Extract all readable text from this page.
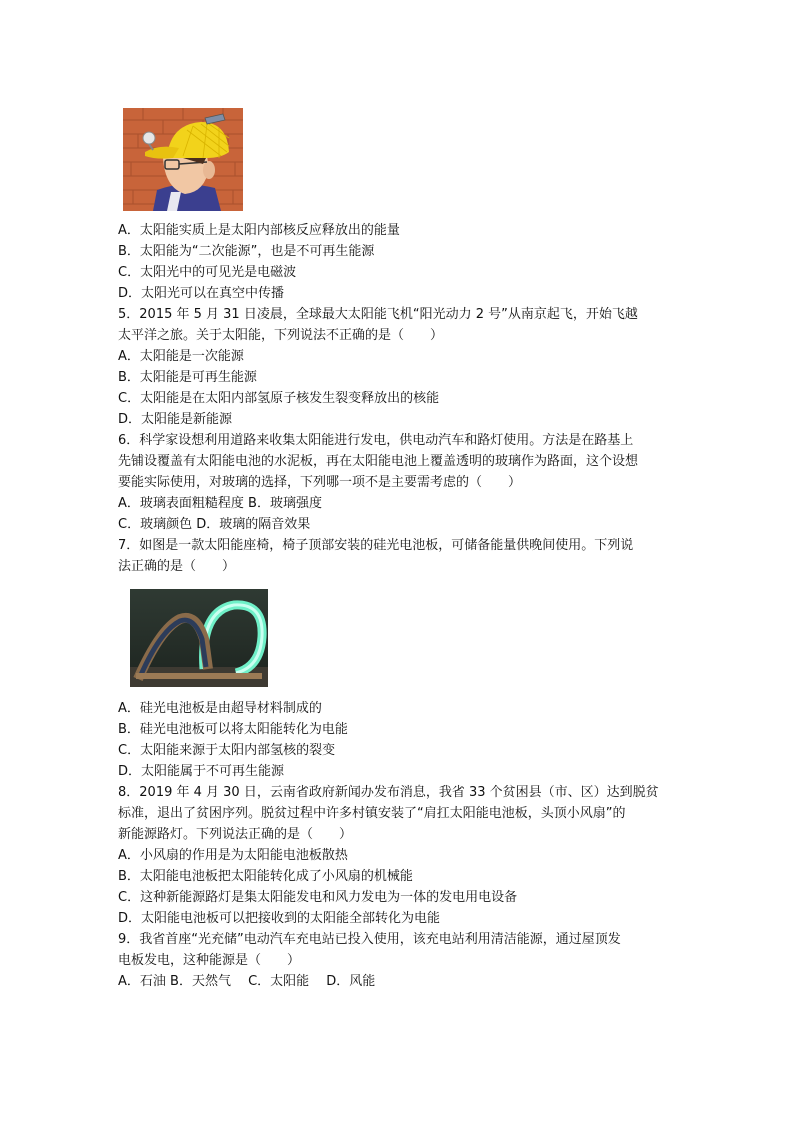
A．太阳能实质上是太阳内部核反应释放出的能量
B．太阳能为“二次能源”，也是不可再生能源
C．太阳光中的可见光是电磁波
D．太阳光可以在真空中传播
5．2015 年 5 月 31 日凌晨，全球最大太阳能飞机“阳光动力 2 号”从南京起飞，开始飞越
太平洋之旅。关于太阳能，下列说法不正确的是（　　）
A．太阳能是一次能源
B．太阳能是可再生能源
C．太阳能是在太阳内部氢原子核发生裂变释放出的核能
D．太阳能是新能源
6．科学家设想利用道路来收集太阳能进行发电，供电动汽车和路灯使用。方法是在路基上
先铺设覆盖有太阳能电池的水泥板，再在太阳能电池上覆盖透明的玻璃作为路面，这个设想
要能实际使用，对玻璃的选择，下列哪一项不是主要需考虑的（　　）
A．玻璃表面粗糙程度 B．玻璃强度
C．玻璃颜色 D．玻璃的隔音效果
7．如图是一款太阳能座椅，椅子顶部安装的硅光电池板，可储备能量供晚间使用。下列说
法正确的是（　　）
A．硅光电池板是由超导材料制成的
B．硅光电池板可以将太阳能转化为电能
C．太阳能来源于太阳内部氢核的裂变
D．太阳能属于不可再生能源
8．2019 年 4 月 30 日，云南省政府新闻办发布消息，我省 33 个贫困县（市、区）达到脱贫
标准，退出了贫困序列。脱贫过程中许多村镇安装了“肩扛太阳能电池板，头顶小风扇”的
新能源路灯。下列说法正确的是（　　）
A．小风扇的作用是为太阳能电池板散热
B．太阳能电池板把太阳能转化成了小风扇的机械能
C．这种新能源路灯是集太阳能发电和风力发电为一体的发电用电设备
D．太阳能电池板可以把接收到的太阳能全部转化为电能
9．我省首座“光充储”电动汽车充电站已投入使用，该充电站利用清洁能源，通过屋顶发
电板发电，这种能源是（　　）
A．石油 B．天然气　 C．太阳能　 D．风能
